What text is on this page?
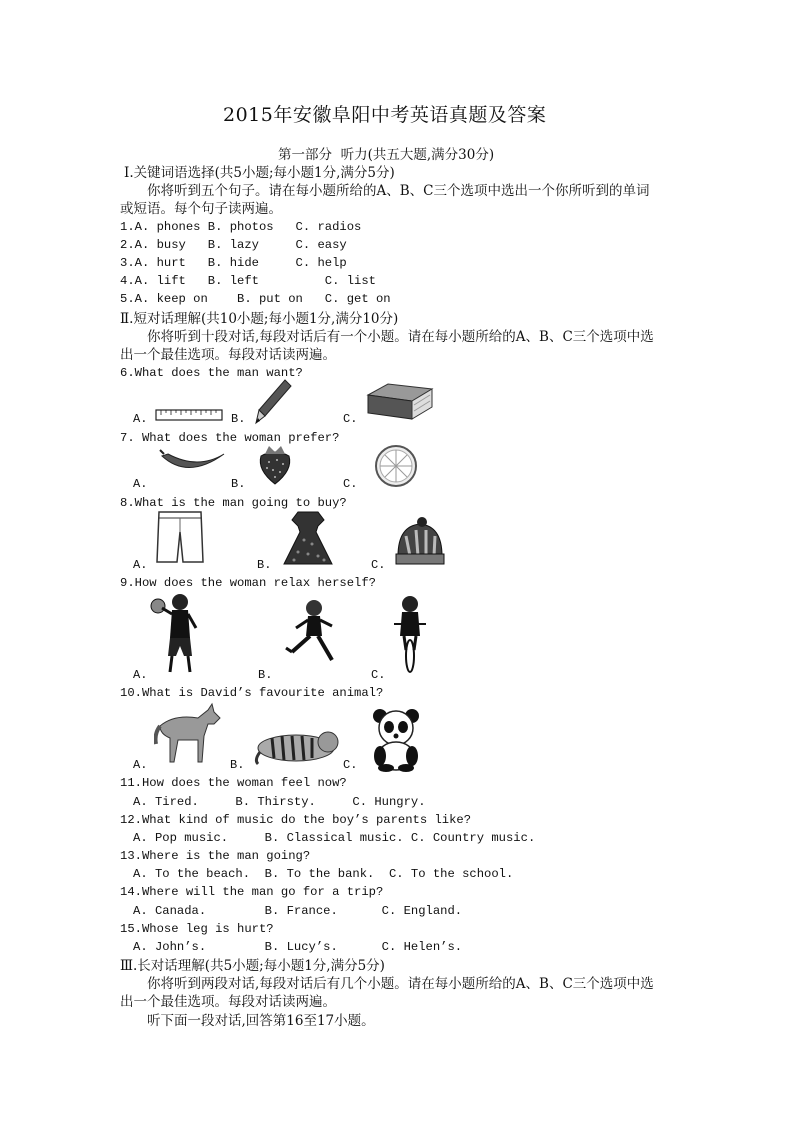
2015年安徽阜阳中考英语真题及答案
第一部分  听力(共五大题,满分30分)
Ⅰ.关键词语选择(共5小题;每小题1分,满分5分)
你将听到五个句子。请在每小题所给的A、B、C三个选项中选出一个你所听到的单词
或短语。每个句子读两遍。
1.A. phones B. photos   C. radios
2.A. busy   B. lazy     C. easy
3.A. hurt   B. hide     C. help
4.A. lift   B. left         C. list
5.A. keep on    B. put on   C. get on
Ⅱ.短对话理解(共10小题;每小题1分,满分10分)
你将听到十段对话,每段对话后有一个小题。请在每小题所给的A、B、C三个选项中选
出一个最佳选项。每段对话读两遍。
6.What does the man want?
A.	B.	C.
7. What does the woman prefer?
A.	B.	C.
8.What is the man going to buy?
A.	B.	C.
9.How does the woman relax herself?
A.	B.	C.
10.What is David’s favourite animal?
A.	B.	C.
11.How does the woman feel now?
A. Tired.     B. Thirsty.     C. Hungry.
12.What kind of music do the boy’s parents like?
A. Pop music.     B. Classical music. C. Country music.
13.Where is the man going?
A. To the beach.  B. To the bank.  C. To the school.
14.Where will the man go for a trip?
A. Canada.        B. France.      C. England.
15.Whose leg is hurt?
A. John’s.        B. Lucy’s.      C. Helen’s.
Ⅲ.长对话理解(共5小题;每小题1分,满分5分)
你将听到两段对话,每段对话后有几个小题。请在每小题所给的A、B、C三个选项中选
出一个最佳选项。每段对话读两遍。
听下面一段对话,回答第16至17小题。
